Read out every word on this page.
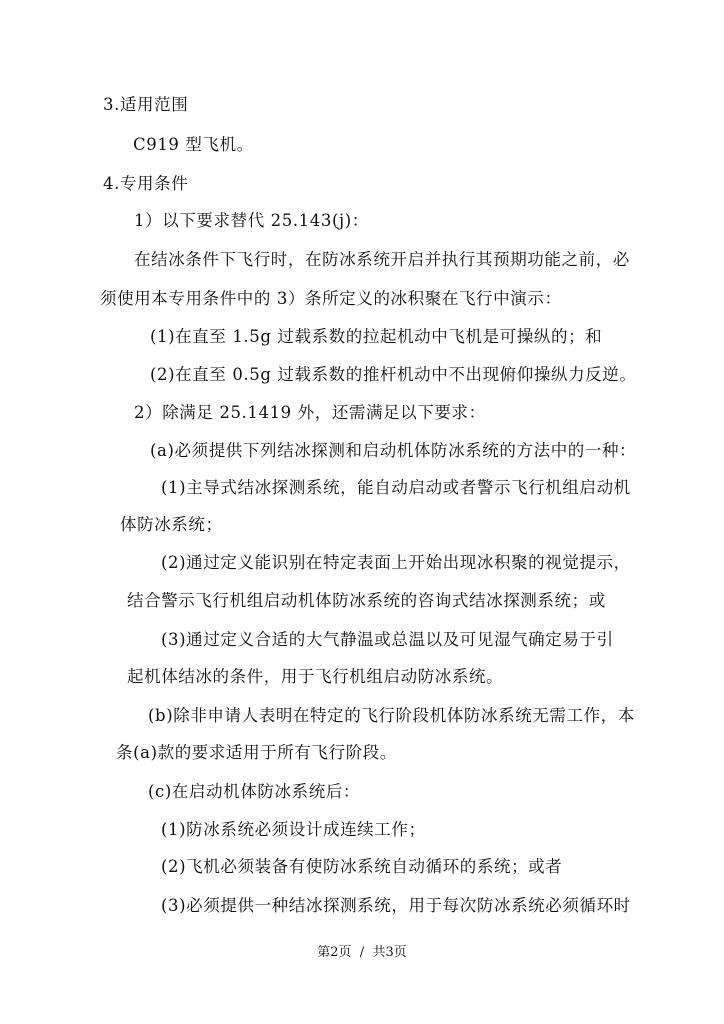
3.适用范围
C919 型飞机。
4.专用条件
1）以下要求替代 25.143(j)：
在结冰条件下飞行时，在防冰系统开启并执行其预期功能之前，必
须使用本专用条件中的 3）条所定义的冰积聚在飞行中演示：
(1)在直至 1.5g 过载系数的拉起机动中飞机是可操纵的；和
(2)在直至 0.5g 过载系数的推杆机动中不出现俯仰操纵力反逆。
2）除满足 25.1419 外，还需满足以下要求：
(a)必须提供下列结冰探测和启动机体防冰系统的方法中的一种：
(1)主导式结冰探测系统，能自动启动或者警示飞行机组启动机
体防冰系统；
(2)通过定义能识别在特定表面上开始出现冰积聚的视觉提示，
结合警示飞行机组启动机体防冰系统的咨询式结冰探测系统；或
(3)通过定义合适的大气静温或总温以及可见湿气确定易于引
起机体结冰的条件，用于飞行机组启动防冰系统。
(b)除非申请人表明在特定的飞行阶段机体防冰系统无需工作，本
条(a)款的要求适用于所有飞行阶段。
(c)在启动机体防冰系统后：
(1)防冰系统必须设计成连续工作；
(2)飞机必须装备有使防冰系统自动循环的系统；或者
(3)必须提供一种结冰探测系统，用于每次防冰系统必须循环时
第2页  /  共3页
